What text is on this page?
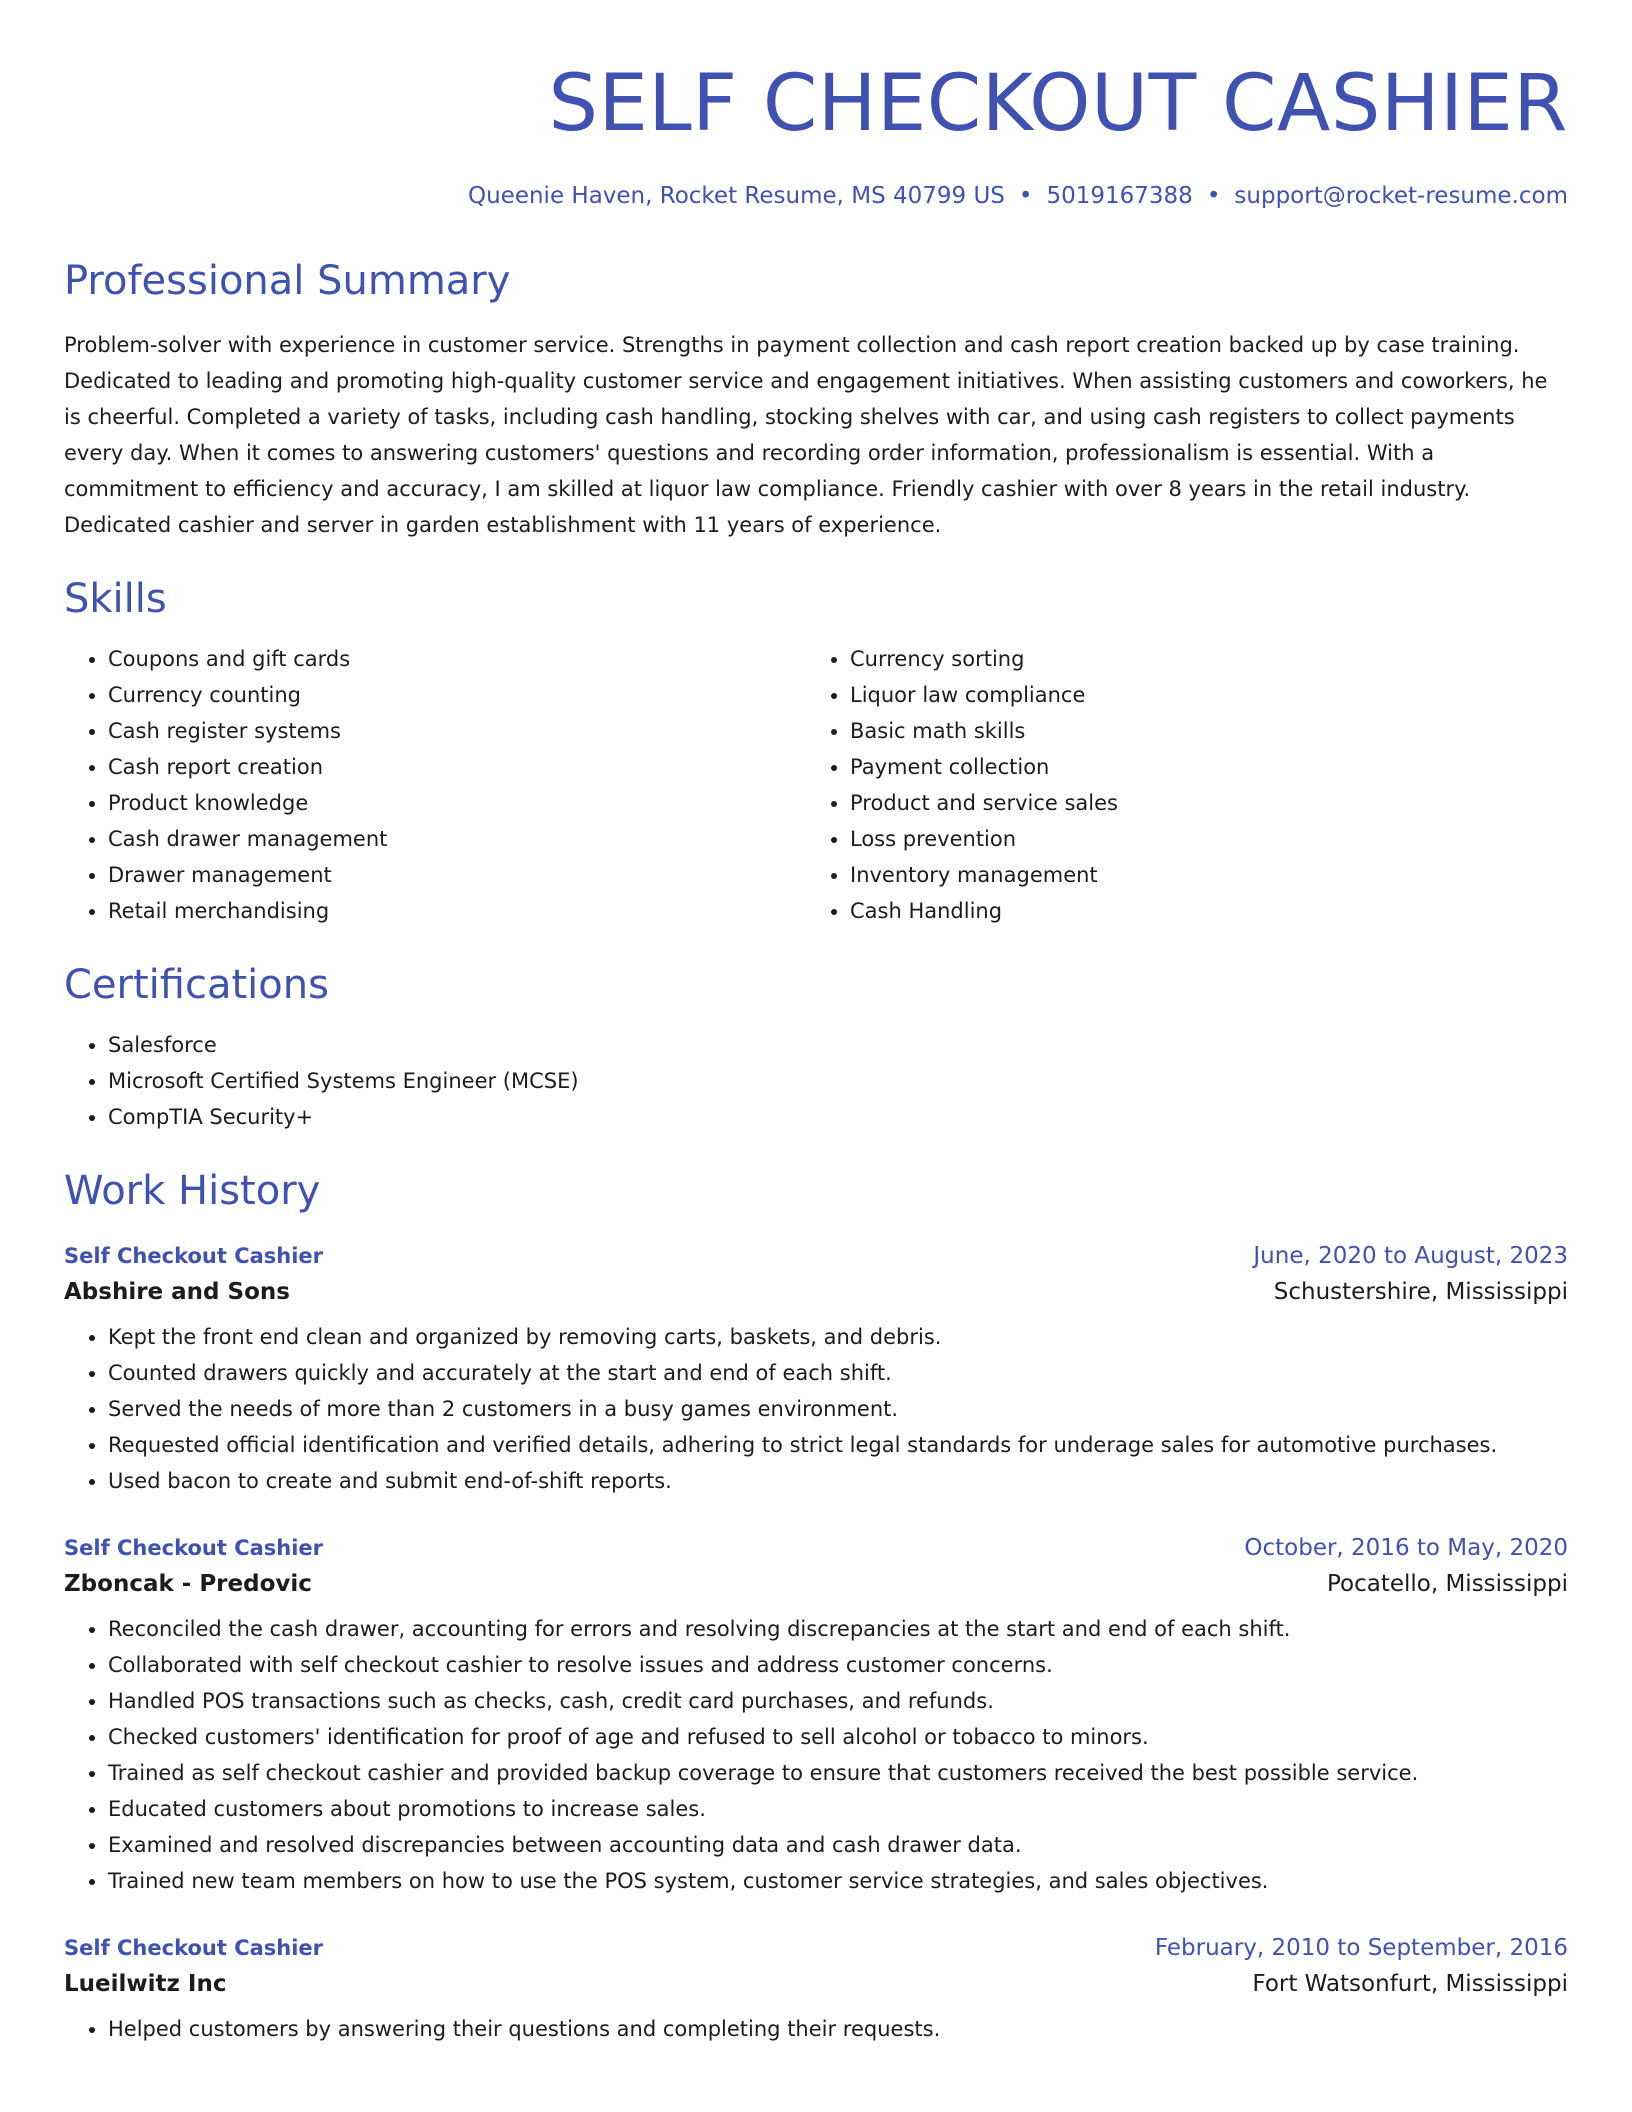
SELF CHECKOUT CASHIER
Queenie Haven, Rocket Resume, MS 40799 US • 5019167388 • support@rocket-resume.com
Professional Summary
Problem-solver with experience in customer service. Strengths in payment collection and cash report creation backed up by case training. Dedicated to leading and promoting high-quality customer service and engagement initiatives. When assisting customers and coworkers, he is cheerful. Completed a variety of tasks, including cash handling, stocking shelves with car, and using cash registers to collect payments every day. When it comes to answering customers' questions and recording order information, professionalism is essential. With a commitment to efficiency and accuracy, I am skilled at liquor law compliance. Friendly cashier with over 8 years in the retail industry. Dedicated cashier and server in garden establishment with 11 years of experience.
Skills
• Coupons and gift cards
• Currency counting
• Cash register systems
• Cash report creation
• Product knowledge
• Cash drawer management
• Drawer management
• Retail merchandising
• Currency sorting
• Liquor law compliance
• Basic math skills
• Payment collection
• Product and service sales
• Loss prevention
• Inventory management
• Cash Handling
Certifications
• Salesforce
• Microsoft Certified Systems Engineer (MCSE)
• CompTIA Security+
Work History
Self Checkout Cashier	June, 2020 to August, 2023
Abshire and Sons	Schustershire, Mississippi
• Kept the front end clean and organized by removing carts, baskets, and debris.
• Counted drawers quickly and accurately at the start and end of each shift.
• Served the needs of more than 2 customers in a busy games environment.
• Requested official identification and verified details, adhering to strict legal standards for underage sales for automotive purchases.
• Used bacon to create and submit end-of-shift reports.
Self Checkout Cashier	October, 2016 to May, 2020
Zboncak - Predovic	Pocatello, Mississippi
• Reconciled the cash drawer, accounting for errors and resolving discrepancies at the start and end of each shift.
• Collaborated with self checkout cashier to resolve issues and address customer concerns.
• Handled POS transactions such as checks, cash, credit card purchases, and refunds.
• Checked customers' identification for proof of age and refused to sell alcohol or tobacco to minors.
• Trained as self checkout cashier and provided backup coverage to ensure that customers received the best possible service.
• Educated customers about promotions to increase sales.
• Examined and resolved discrepancies between accounting data and cash drawer data.
• Trained new team members on how to use the POS system, customer service strategies, and sales objectives.
Self Checkout Cashier	February, 2010 to September, 2016
Lueilwitz Inc	Fort Watsonfurt, Mississippi
• Helped customers by answering their questions and completing their requests.
